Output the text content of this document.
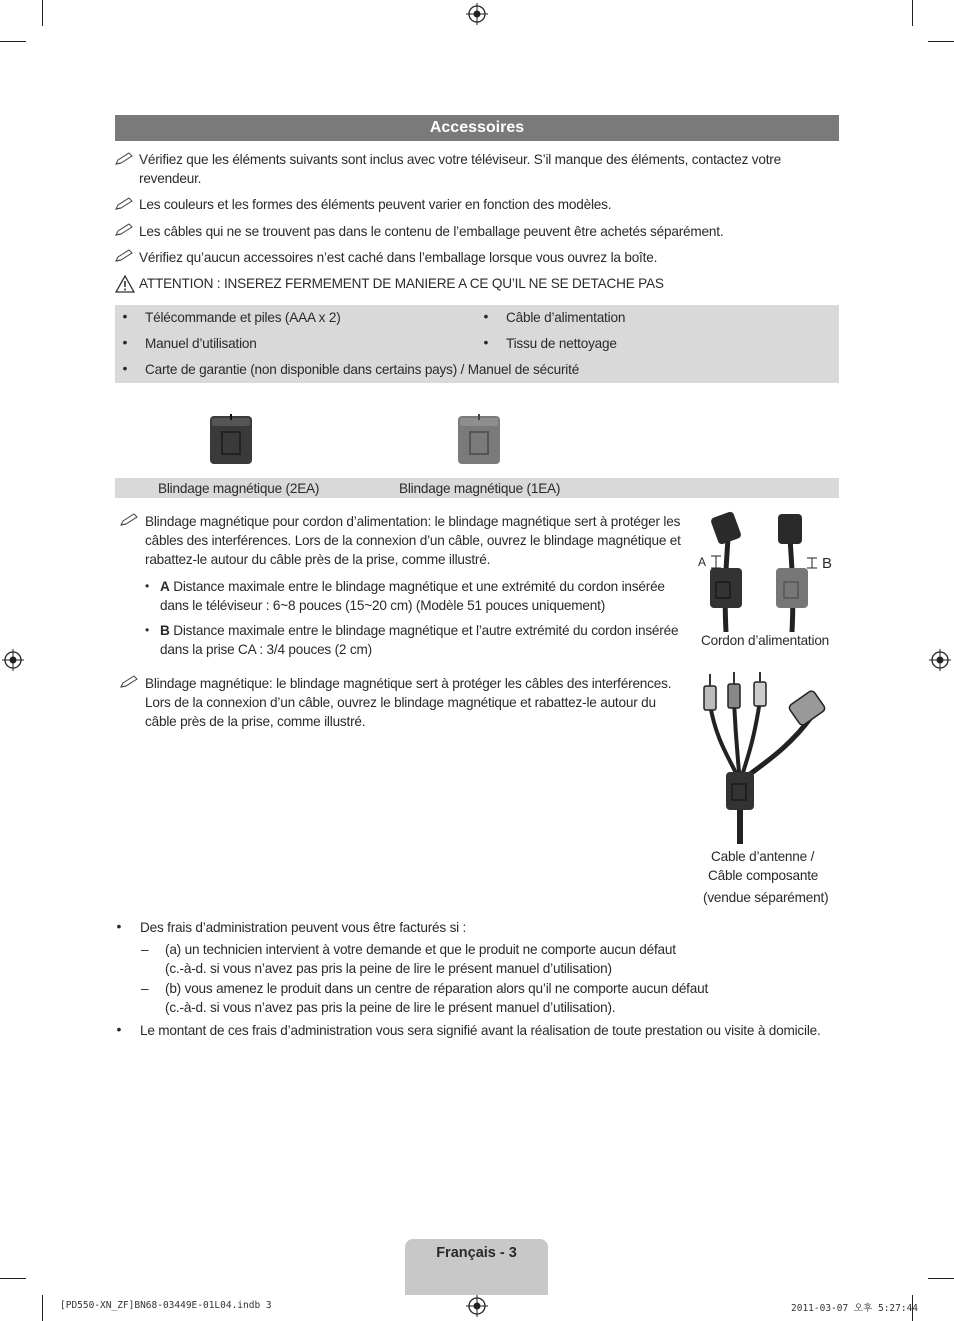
Accessoires
Vérifiez que les éléments suivants sont inclus avec votre téléviseur. S’il manque des éléments, contactez votre
revendeur.
Les couleurs et les formes des éléments peuvent varier en fonction des modèles.
Les câbles qui ne se trouvent pas dans le contenu de l’emballage peuvent être achetés séparément.
Vérifiez qu’aucun accessoires n’est caché dans l’emballage lorsque vous ouvrez la boîte.
ATTENTION : INSEREZ FERMEMENT DE MANIERE A CE QU’IL NE SE DETACHE PAS
• Télécommande et piles (AAA x 2)	• Câble d’alimentation
• Manuel d’utilisation	• Tissu de nettoyage
• Carte de garantie (non disponible dans certains pays) / Manuel de sécurité
Blindage magnétique (2EA)	Blindage magnétique (1EA)
Blindage magnétique pour cordon d’alimentation: le blindage magnétique sert à protéger les
câbles des interférences. Lors de la connexion d’un câble, ouvrez le blindage magnétique et
rabattez-le autour du câble près de la prise, comme illustré.
• A Distance maximale entre le blindage magnétique et une extrémité du cordon insérée
dans le téléviseur : 6~8 pouces (15~20 cm) (Modèle 51 pouces uniquement)
• B Distance maximale entre le blindage magnétique et l’autre extrémité du cordon insérée
dans la prise CA : 3/4 pouces (2 cm)
A	B
Cordon d’alimentation
Blindage magnétique: le blindage magnétique sert à protéger les câbles des interférences.
Lors de la connexion d’un câble, ouvrez le blindage magnétique et rabattez-le autour du
câble près de la prise, comme illustré.
Cable d’antenne /
Câble composante
(vendue séparément)
• Des frais d’administration peuvent vous être facturés si :
– (a) un technicien intervient à votre demande et que le produit ne comporte aucun défaut
(c.-à-d. si vous n’avez pas pris la peine de lire le présent manuel d’utilisation)
– (b) vous amenez le produit dans un centre de réparation alors qu’il ne comporte aucun défaut
(c.-à-d. si vous n’avez pas pris la peine de lire le présent manuel d’utilisation).
• Le montant de ces frais d’administration vous sera signifié avant la réalisation de toute prestation ou visite à domicile.
Français - 3
[PD550-XN_ZF]BN68-03449E-01L04.indb 3	2011-03-07 오후 5:27:44
